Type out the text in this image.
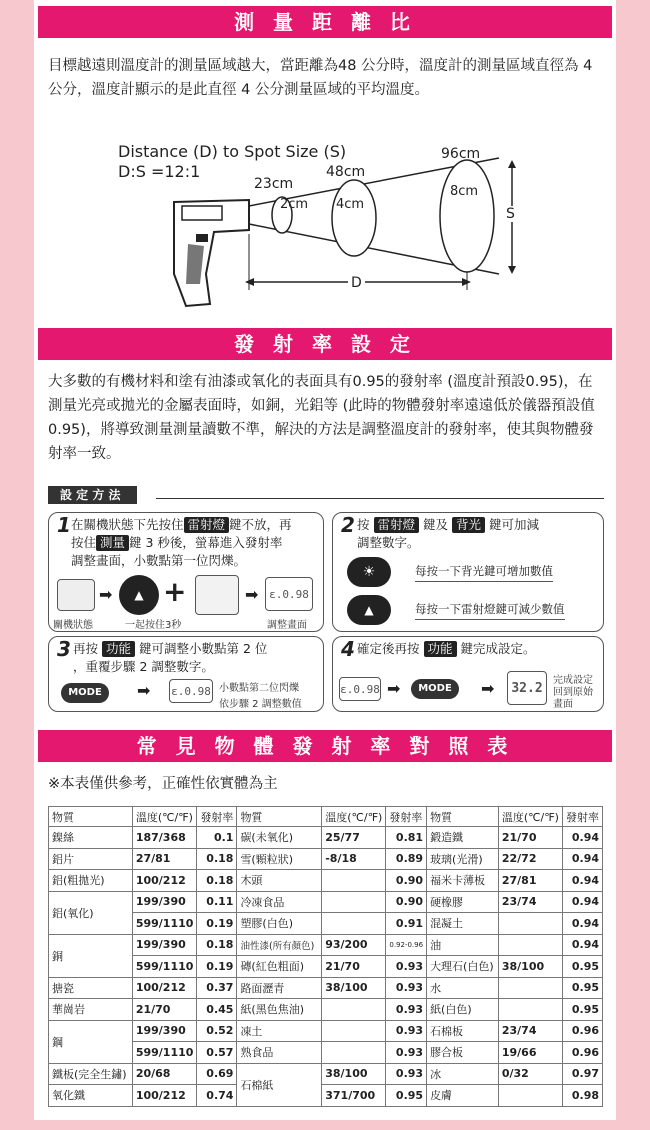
測 量 距 離 比
目標越遠則溫度計的測量區域越大，當距離為48 公分時，溫度計的測量區域直徑為 4 公分，溫度計顯示的是此直徑 4 公分測量區域的平均溫度。
Distance (D) to Spot Size (S)
D:S =12:1
23cm
48cm
96cm
2cm 4cm
8cm
S
D
發 射 率 設 定
大多數的有機材料和塗有油漆或氧化的表面具有0.95的發射率 (溫度計預設0.95)，在測量光亮或拋光的金屬表面時，如銅，光鋁等 (此時的物體發射率遠遠低於儀器預設值0.95)，將導致測量測量讀數不準，解決的方法是調整溫度計的發射率，使其與物體發射率一致。
設 定 方 法
1 在關機狀態下先按住 雷射燈 鍵不放，再
按住 測量 鍵 3 秒後，螢幕進入發射率
調整畫面，小數點第一位閃爍。
➡	▲ +	➡ ε.0.98
關機狀態	一起按住3秒	調整畫面
2 按 雷射燈 鍵及 背光 鍵可加減
調整數字。
☀	每按一下背光鍵可增加數值
▲	每按一下雷射燈鍵可減少數值
3 再按 功能 鍵可調整小數點第 2 位
，重覆步驟 2 調整數字。
MODE	➡ ε.0.98 小數點第二位閃爍
依步驟 2 調整數值
4 確定後再按 功能 鍵完成設定。
ε.0.98 ➡	MODE	➡	32.2
完成設定
回到原始
畫面
常 見 物 體 發 射 率 對 照 表
※本表僅供參考，正確性依實體為主
物質	溫度(℃/℉)	發射率	物質	溫度(℃/℉)	發射率	物質	溫度(℃/℉)	發射率
鎳絲	187/368	0.1	碳(未氧化)	25/77	0.81	鍛造鐵	21/70	0.94
鋁片	27/81	0.18	雪(顆粒狀)	-8/18	0.89	玻璃(光滑)	22/72	0.94
鋁(粗拋光)	100/212	0.18	木頭		0.90	福米卡薄板	27/81	0.94
鋁(氧化)	199/390	0.11	冷凍食品		0.90	硬橡膠	23/74	0.94
	599/1110	0.19	塑膠(白色)		0.91	混凝土		0.94
銅	199/390	0.18	油性漆(所有顏色)	93/200	0.92-0.96	油		0.94
	599/1110	0.19	磚(紅色粗面)	21/70	0.93	大理石(白色)	38/100	0.95
搪瓷	100/212	0.37	路面瀝青	38/100	0.93	水		0.95
華崗岩	21/70	0.45	紙(黑色焦油)		0.93	紙(白色)		0.95
鋼	199/390	0.52	凍土		0.93	石棉板	23/74	0.96
	599/1110	0.57	熟食品		0.93	膠合板	19/66	0.96
鐵板(完全生鏽)	20/68	0.69	石棉紙	38/100	0.93	冰	0/32	0.97
氧化鐵	100/212	0.74		371/700	0.95	皮膚		0.98
